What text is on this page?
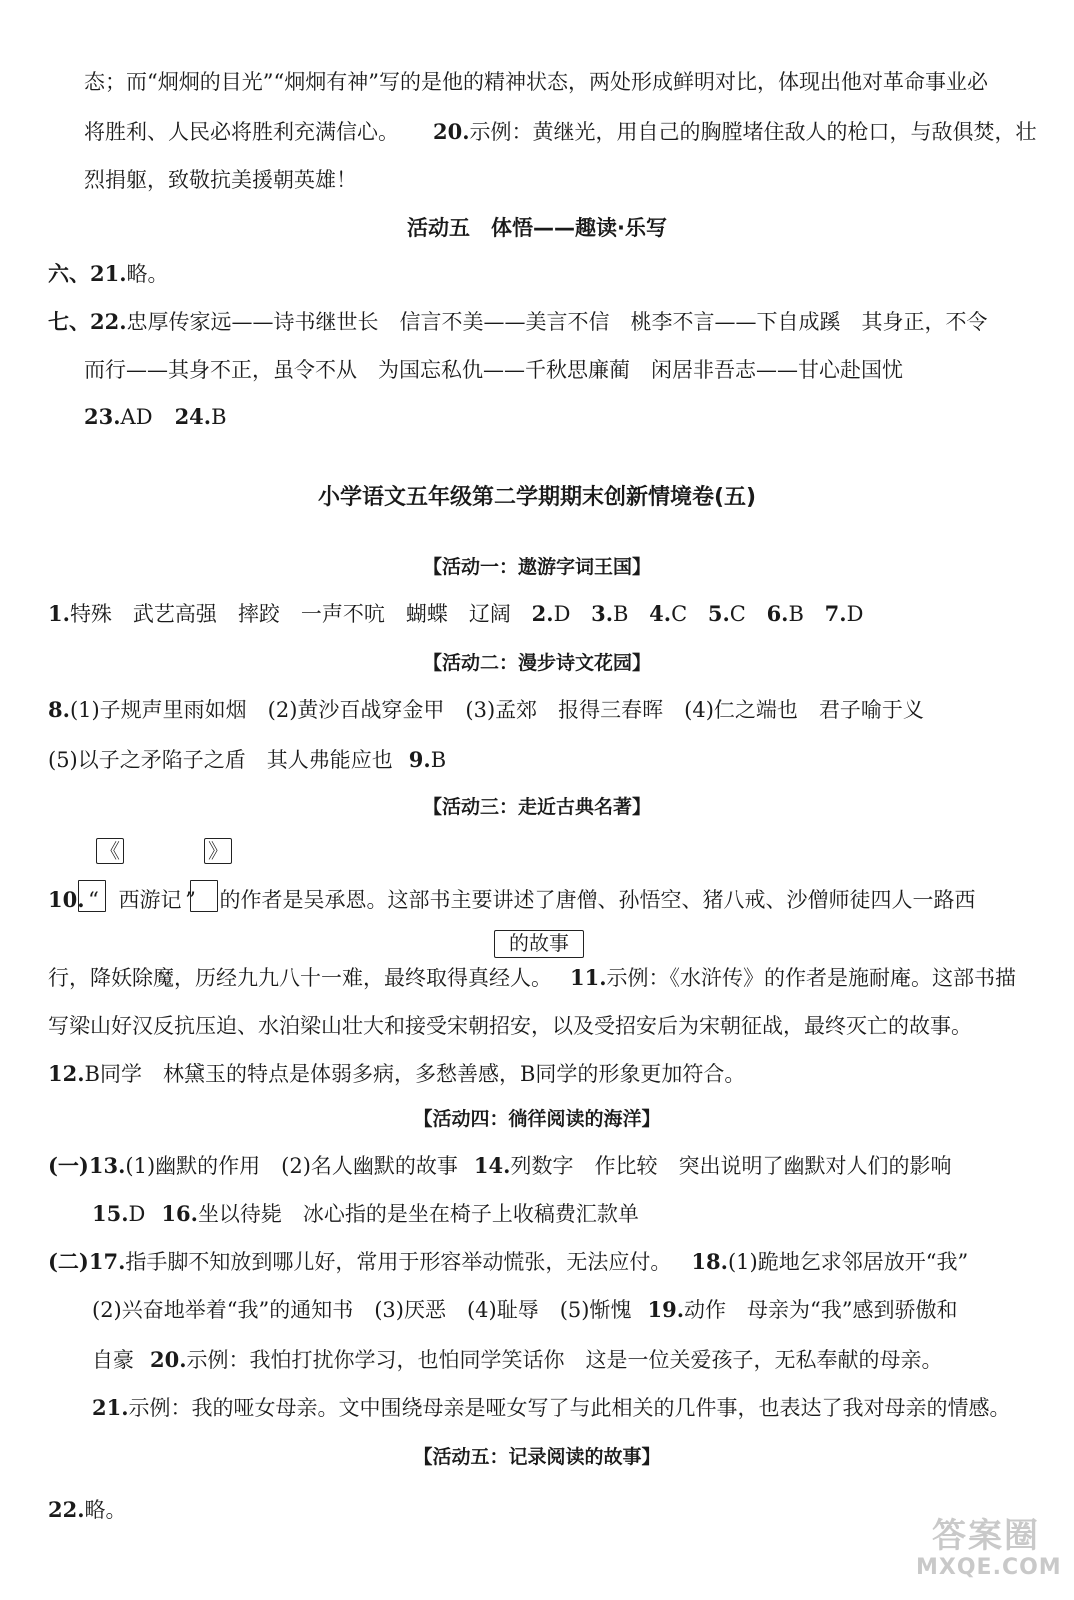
态；而“炯炯的目光”“炯炯有神”写的是他的精神状态，两处形成鲜明对比，体现出他对革命事业必
将胜利、人民必将胜利充满信心。 20.示例：黄继光，用自己的胸膛堵住敌人的枪口，与敌俱焚，壮
烈捐躯，致敬抗美援朝英雄！
活动五　体悟——趣读·乐写
六、21.略。
七、22.忠厚传家远——诗书继世长　信言不美——美言不信　桃李不言——下自成蹊　其身正，不令
而行——其身不正，虽令不从　为国忘私仇——千秋思廉蔺　闲居非吾志——甘心赴国忧
23.AD 24.B
小学语文五年级第二学期期末创新情境卷(五)
【活动一：遨游字词王国】
1.特殊　武艺高强　摔跤　一声不吭　蝴蝶　辽阔 2.D 3.B 4.C 5.C 6.B 7.D
【活动二：漫步诗文花园】
8.(1)子规声里雨如烟　(2)黄沙百战穿金甲　(3)孟郊　报得三春晖　(4)仁之端也　君子喻于义
(5)以子之矛陷子之盾　其人弗能应也 9.B
【活动三：走近古典名著】
《	》
10. “ 西游记 ” 的作者是吴承恩。这部书主要讲述了唐僧、孙悟空、猪八戒、沙僧师徒四人一路西
的故事
行，降妖除魔，历经九九八十一难，最终取得真经人。 11.示例：《水浒传》的作者是施耐庵。这部书描
写梁山好汉反抗压迫、水泊梁山壮大和接受宋朝招安，以及受招安后为宋朝征战，最终灭亡的故事。
12.B同学　林黛玉的特点是体弱多病，多愁善感，B同学的形象更加符合。
【活动四：徜徉阅读的海洋】
(一)13.(1)幽默的作用　(2)名人幽默的故事 14.列数字　作比较　突出说明了幽默对人们的影响
15.D 16.坐以待毙　冰心指的是坐在椅子上收稿费汇款单
(二)17.指手脚不知放到哪儿好，常用于形容举动慌张，无法应付。 18.(1)跪地乞求邻居放开“我”
(2)兴奋地举着“我”的通知书　(3)厌恶　(4)耻辱　(5)惭愧 19.动作　母亲为“我”感到骄傲和
自豪 20.示例：我怕打扰你学习，也怕同学笑话你　这是一位关爱孩子，无私奉献的母亲。
21.示例：我的哑女母亲。文中围绕母亲是哑女写了与此相关的几件事，也表达了我对母亲的情感。
【活动五：记录阅读的故事】
22.略。
答案圈
MXQE.COM
